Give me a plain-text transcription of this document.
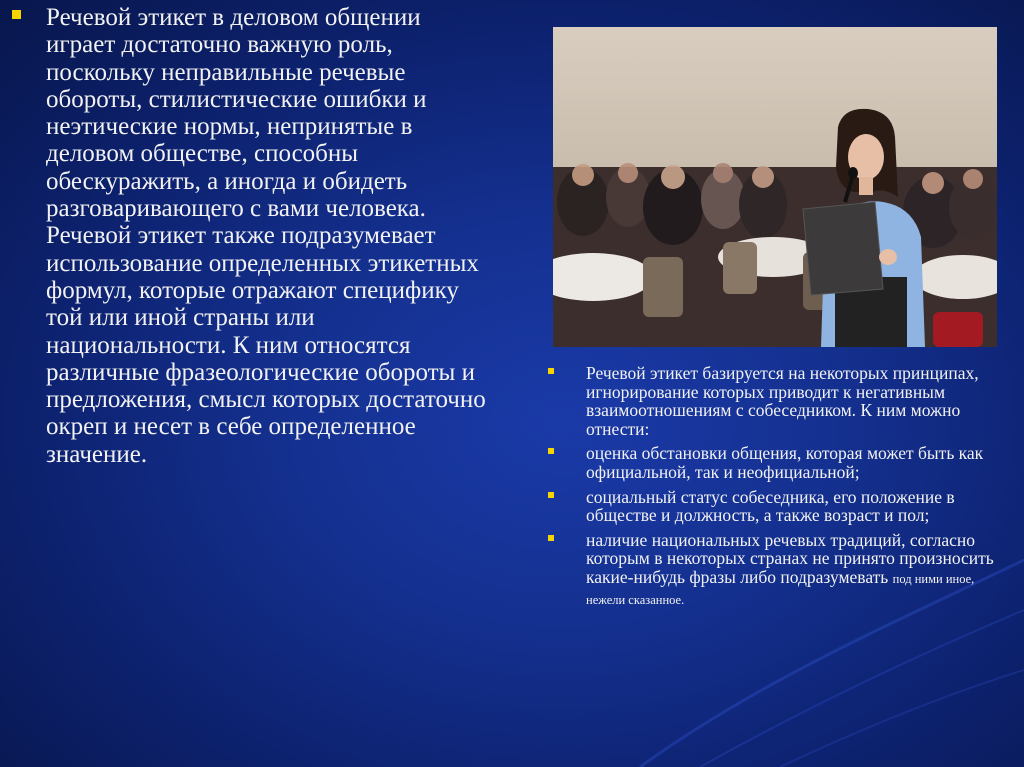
Речевой этикет в деловом общении играет достаточно важную роль, поскольку неправильные речевые обороты, стилистические ошибки и неэтические нормы, непринятые в деловом обществе, способны обескуражить, а иногда и обидеть разговаривающего с вами человека. Речевой этикет также подразумевает использование определенных этикетных формул, которые отражают специфику той или иной страны или национальности. К ним относятся различные фразеологические обороты и предложения, смысл которых достаточно окреп и несет в себе определенное значение.
Речевой этикет базируется на некоторых принципах, игнорирование которых приводит к негативным взаимоотношениям с собеседником. К ним можно отнести:
оценка обстановки общения, которая может быть как официальной, так и неофициальной;
социальный статус собеседника, его положение в обществе и должность, а также возраст и пол;
наличие национальных речевых традиций, согласно которым в некоторых странах не принято произносить какие-нибудь фразы либо подразумевать под ними иное, нежели сказанное.
